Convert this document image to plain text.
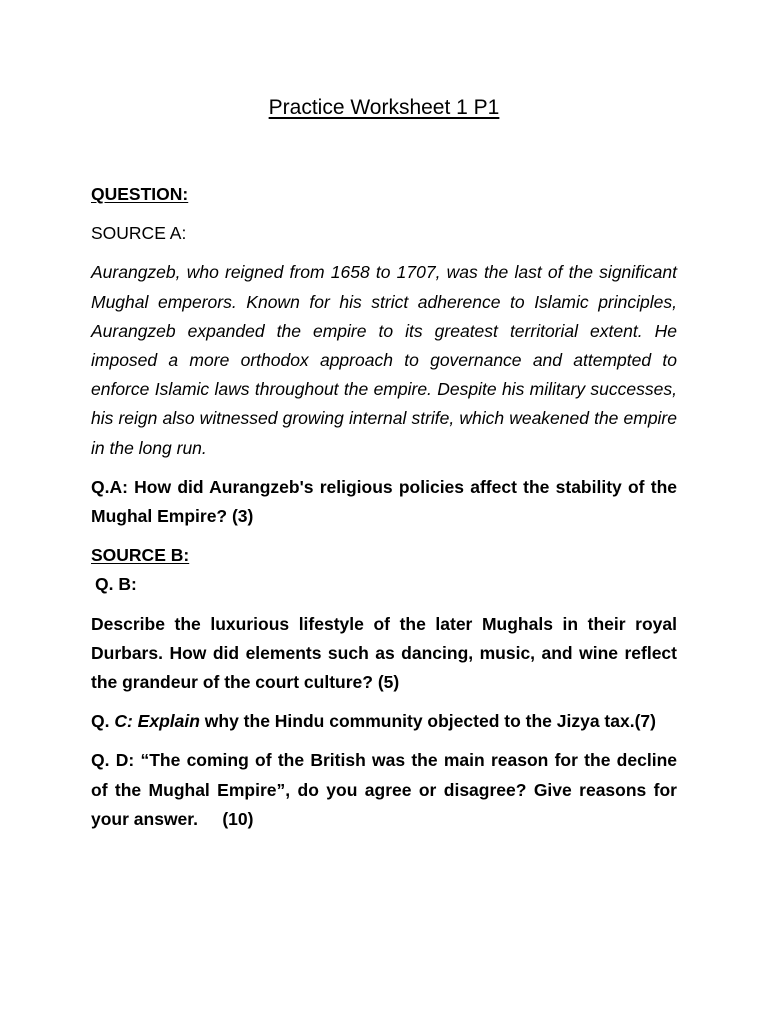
Practice Worksheet 1 P1
QUESTION:
SOURCE A:
Aurangzeb, who reigned from 1658 to 1707, was the last of the significant Mughal emperors. Known for his strict adherence to Islamic principles, Aurangzeb expanded the empire to its greatest territorial extent. He imposed a more orthodox approach to governance and attempted to enforce Islamic laws throughout the empire. Despite his military successes, his reign also witnessed growing internal strife, which weakened the empire in the long run.
Q.A: How did Aurangzeb's religious policies affect the stability of the Mughal Empire? (3)
SOURCE B:
Q. B:
Describe the luxurious lifestyle of the later Mughals in their royal Durbars. How did elements such as dancing, music, and wine reflect the grandeur of the court culture? (5)
Q. C: Explain why the Hindu community objected to the Jizya tax.(7)
Q. D: “The coming of the British was the main reason for the decline of the Mughal Empire”, do you agree or disagree? Give reasons for your answer. (10)
